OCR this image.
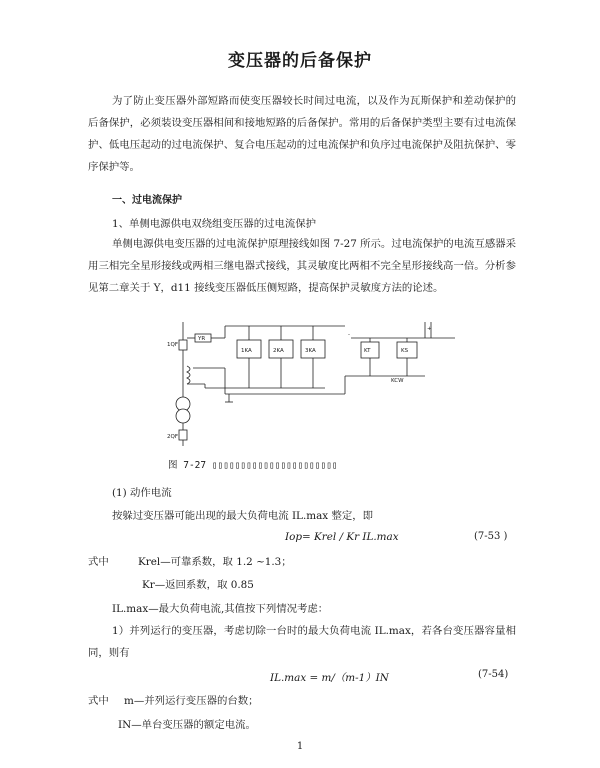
变压器的后备保护
为了防止变压器外部短路而使变压器较长时间过电流，以及作为瓦斯保护和差动保护的后备保护，必须装设变压器相间和接地短路的后备保护。常用的后备保护类型主要有过电流保护、低电压起动的过电流保护、复合电压起动的过电流保护和负序过电流保护及阻抗保护、零序保护等。
一、过电流保护
1、单侧电源供电双绕组变压器的过电流保护
单侧电源供电变压器的过电流保护原理接线如图 7-27 所示。过电流保护的电流互感器采用三相完全星形接线或两相三继电器式接线，其灵敏度比两相不完全星形接线高一倍。分析参见第二章关于 Y，d11 接线变压器低压侧短路，提高保护灵敏度方法的论述。
1QF
YR
1KA	2KA	3KA	KT	KS
KCW
-
+
2QF
图 7-27 ▯▯▯▯▯▯▯▯▯▯▯▯▯▯▯▯▯▯▯▯▯▯
(1) 动作电流
按躲过变压器可能出现的最大负荷电流 IL.max 整定，即
Iop= Krel / Kr IL.max	(7-53 )
式中	Krel—可靠系数，取 1.2 ~1.3；
Kr—返回系数，取 0.85
IL.max—最大负荷电流,其值按下列情况考虑：
1）并列运行的变压器，考虑切除一台时的最大负荷电流 IL.max，若各台变压器容量相同，则有
IL.max = m/（m-1）IN	(7-54)
式中 m—并列运行变压器的台数；
IN—单台变压器的额定电流。
1
